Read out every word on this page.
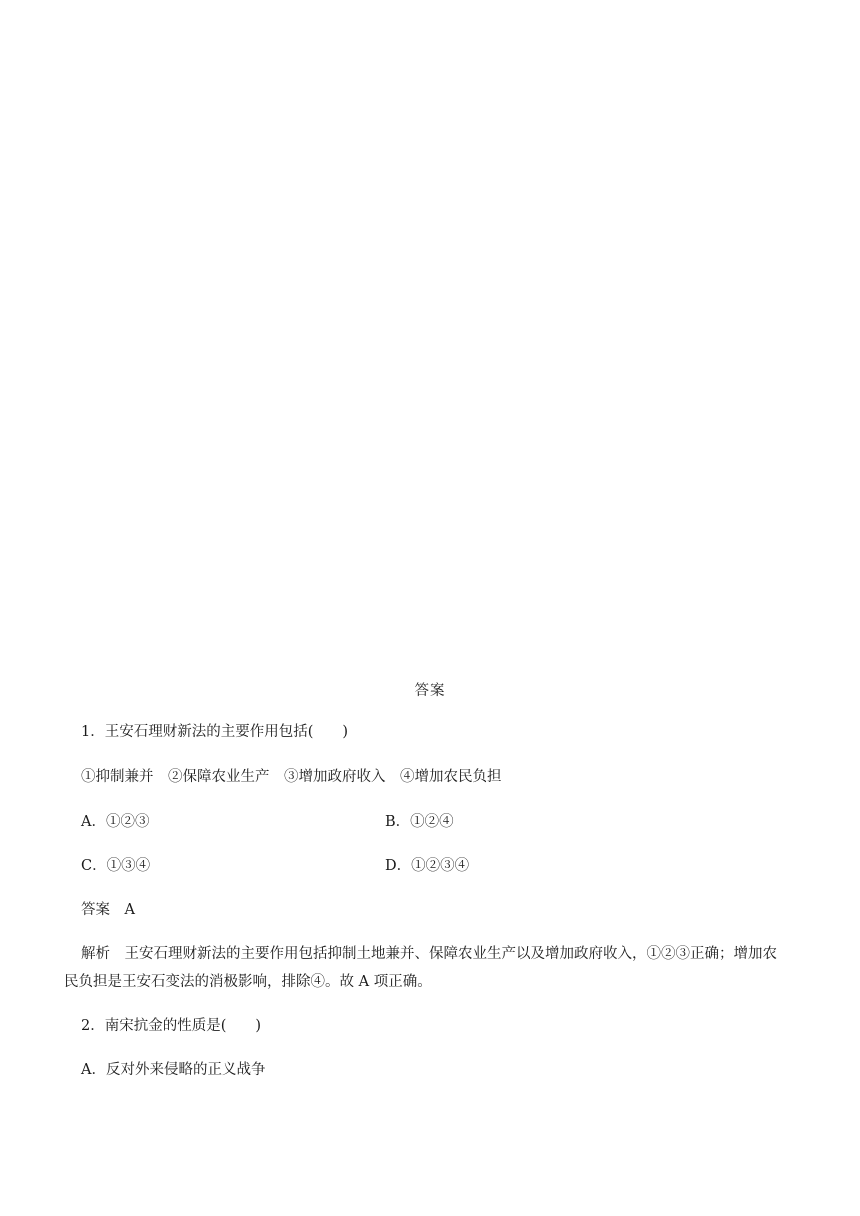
答案
1．王安石理财新法的主要作用包括(　　)
①抑制兼并　②保障农业生产　③增加政府收入　④增加农民负担
A．①②③	B．①②④
C．①③④	D．①②③④
答案　A
解析　王安石理财新法的主要作用包括抑制土地兼并、保障农业生产以及增加政府收入，①②③正确；增加农
民负担是王安石变法的消极影响，排除④。故 A 项正确。
2．南宋抗金的性质是(　　)
A．反对外来侵略的正义战争
